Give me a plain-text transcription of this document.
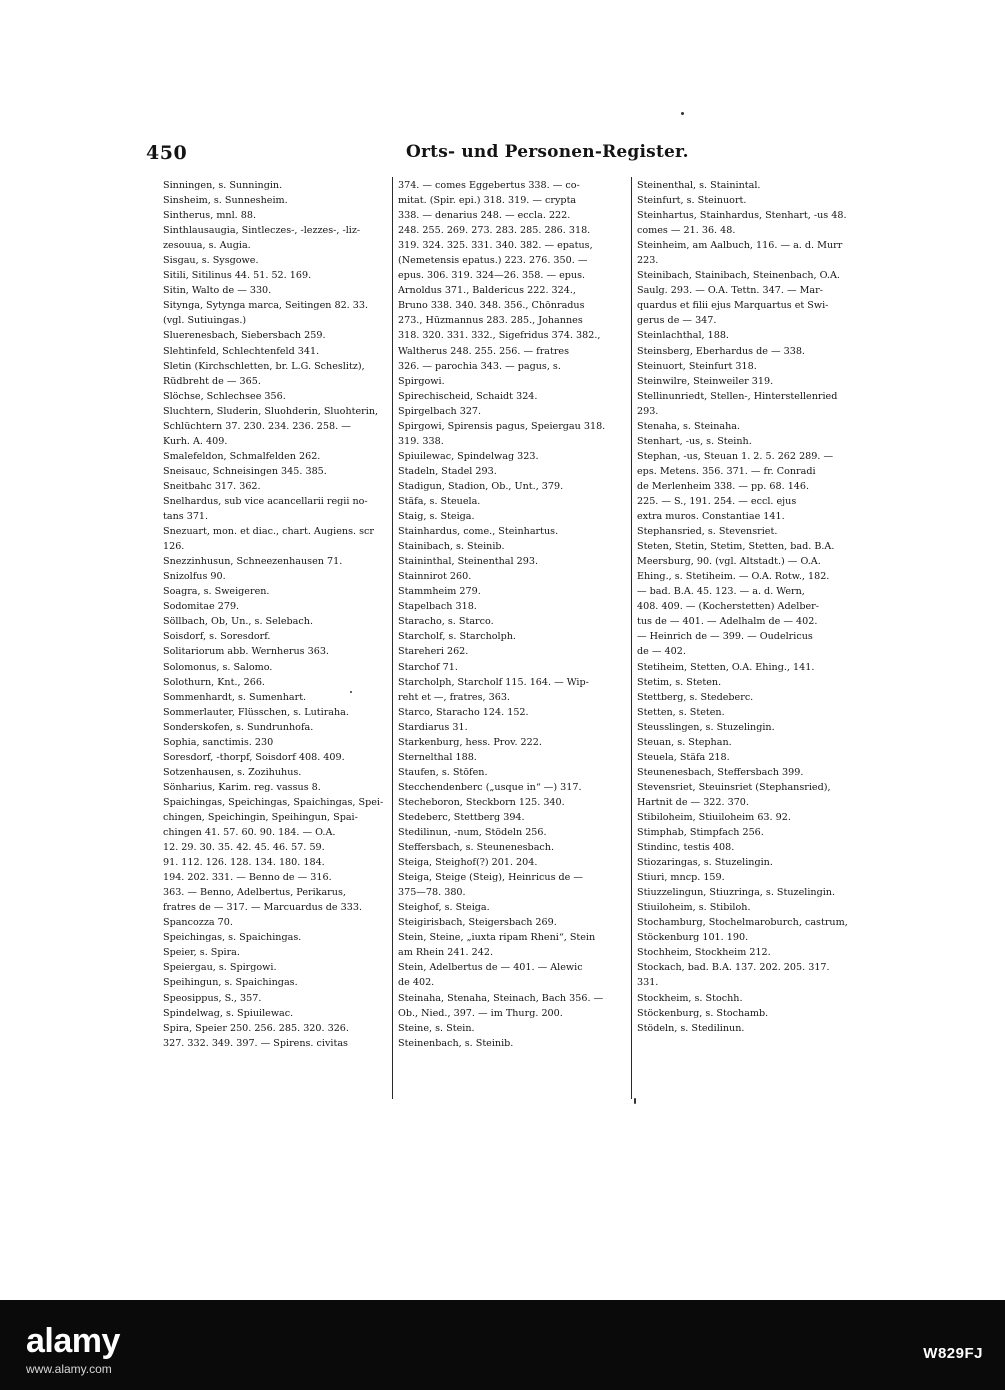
450	Orts- und Personen-Register.
Sinningen, s. Sunningin.
Sinsheim, s. Sunnesheim.
Sintherus, mnl. 88.
Sinthlausaugia, Sintleczes-, -lezzes-, -liz-
zesouua, s. Augia.
Sisgau, s. Sysgowe.
Sitili, Sitilinus 44. 51. 52. 169.
Sitin, Walto de — 330.
Sitynga, Sytynga marca, Seitingen 82. 33.
(vgl. Sutiuingas.)
Sluerenesbach, Siebersbach 259.
Slehtinfeld, Schlechtenfeld 341.
Sletin (Kirchschletten, br. L.G. Scheslitz),
Rüdbreht de — 365.
Slöchse, Schlechsee 356.
Sluchtern, Sluderin, Sluohderin, Sluohterin,
Schlüchtern 37. 230. 234. 236. 258. —
Kurh. A. 409.
Smalefeldon, Schmalfelden 262.
Sneisauc, Schneisingen 345. 385.
Sneitbahc 317. 362.
Snelhardus, sub vice acancellarii regii no-
tans 371.
Snezuart, mon. et diac., chart. Augiens. scr
126.
Snezzinhusun, Schneezenhausen 71.
Snizolfus 90.
Soagra, s. Sweigeren.
Sodomitae 279.
Söllbach, Ob, Un., s. Selebach.
Soisdorf, s. Soresdorf.
Solitariorum abb. Wernherus 363.
Solomonus, s. Salomo.
Solothurn, Knt., 266.
Sommenhardt, s. Sumenhart.
Sommerlauter, Flüsschen, s. Lutiraha.
Sonderskofen, s. Sundrunhofa.
Sophia, sanctimis. 230
Soresdorf, -thorpf, Soisdorf 408. 409.
Sotzenhausen, s. Zozihuhus.
Sönharius, Karim. reg. vassus 8.
Spaichingas, Speichingas, Spaichingas, Spei-
chingen, Speichingin, Speihingun, Spai-
chingen 41. 57. 60. 90. 184. — O.A.
12. 29. 30. 35. 42. 45. 46. 57. 59.
91. 112. 126. 128. 134. 180. 184.
194. 202. 331. — Benno de — 316.
363. — Benno, Adelbertus, Perikarus,
fratres de — 317. — Marcuardus de 333.
Spancozza 70.
Speichingas, s. Spaichingas.
Speier, s. Spira.
Speiergau, s. Spirgowi.
Speihingun, s. Spaichingas.
Speosippus, S., 357.
Spindelwag, s. Spiuilewac.
Spira, Speier 250. 256. 285. 320. 326.
327. 332. 349. 397. — Spirens. civitas
374. — comes Eggebertus 338. — co-
mitat. (Spir. epi.) 318. 319. — crypta
338. — denarius 248. — eccla. 222.
248. 255. 269. 273. 283. 285. 286. 318.
319. 324. 325. 331. 340. 382. — epatus,
(Nemetensis epatus.) 223. 276. 350. —
epus. 306. 319. 324—26. 358. — epus.
Arnoldus 371., Baldericus 222. 324.,
Bruno 338. 340. 348. 356., Chōnradus
273., Hūzmannus 283. 285., Johannes
318. 320. 331. 332., Sigefridus 374. 382.,
Waltherus 248. 255. 256. — fratres
326. — parochia 343. — pagus, s.
Spirgowi.
Spirechischeid, Schaidt 324.
Spirgelbach 327.
Spirgowi, Spirensis pagus, Speiergau 318.
319. 338.
Spiuilewac, Spindelwag 323.
Stadeln, Stadel 293.
Stadigun, Stadion, Ob., Unt., 379.
Stäfa, s. Steuela.
Staig, s. Steiga.
Stainhardus, come., Steinhartus.
Stainibach, s. Steinib.
Staininthal, Steinenthal 293.
Stainnirot 260.
Stammheim 279.
Stapelbach 318.
Staracho, s. Starco.
Starcholf, s. Starcholph.
Stareheri 262.
Starchof 71.
Starcholph, Starcholf 115. 164. — Wip-
reht et —, fratres, 363.
Starco, Staracho 124. 152.
Stardiarus 31.
Starkenburg, hess. Prov. 222.
Sternelthal 188.
Staufen, s. Stōfen.
Stecchendenberc („usque in“ —) 317.
Stecheboron, Steckborn 125. 340.
Stedeberc, Stettberg 394.
Stedilinun, -num, Stödeln 256.
Steffersbach, s. Steunenesbach.
Steiga, Steighof(?) 201. 204.
Steiga, Steige (Steig), Heinricus de —
375—78. 380.
Steighof, s. Steiga.
Steigirisbach, Steigersbach 269.
Stein, Steine, „iuxta ripam Rheni“, Stein
am Rhein 241. 242.
Stein, Adelbertus de — 401. — Alewic
de 402.
Steinaha, Stenaha, Steinach, Bach 356. —
Ob., Nied., 397. — im Thurg. 200.
Steine, s. Stein.
Steinenbach, s. Steinib.
Steinenthal, s. Stainintal.
Steinfurt, s. Steinuort.
Steinhartus, Stainhardus, Stenhart, -us 48.
comes — 21. 36. 48.
Steinheim, am Aalbuch, 116. — a. d. Murr
223.
Steinibach, Stainibach, Steinenbach, O.A.
Saulg. 293. — O.A. Tettn. 347. — Mar-
quardus et filii ejus Marquartus et Swi-
gerus de — 347.
Steinlachthal, 188.
Steinsberg, Eberhardus de — 338.
Steinuort, Steinfurt 318.
Steinwilre, Steinweiler 319.
Stellinunriedt, Stellen-, Hinterstellenried
293.
Stenaha, s. Steinaha.
Stenhart, -us, s. Steinh.
Stephan, -us, Steuan 1. 2. 5. 262 289. —
eps. Metens. 356. 371. — fr. Conradi
de Merlenheim 338. — pp. 68. 146.
225. — S., 191. 254. — eccl. ejus
extra muros. Constantiae 141.
Stephansried, s. Stevensriet.
Steten, Stetin, Stetim, Stetten, bad. B.A.
Meersburg, 90. (vgl. Altstadt.) — O.A.
Ehing., s. Stetiheim. — O.A. Rotw., 182.
— bad. B.A. 45. 123. — a. d. Wern,
408. 409. — (Kocherstetten) Adelber-
tus de — 401. — Adelhalm de — 402.
— Heinrich de — 399. — Oudelricus
de — 402.
Stetiheim, Stetten, O.A. Ehing., 141.
Stetim, s. Steten.
Stettberg, s. Stedeberc.
Stetten, s. Steten.
Steusslingen, s. Stuzelingin.
Steuan, s. Stephan.
Steuela, Stäfa 218.
Steunenesbach, Steffersbach 399.
Stevensriet, Steuinsriet (Stephansried),
Hartnit de — 322. 370.
Stibiloheim, Stiuiloheim 63. 92.
Stimphab, Stimpfach 256.
Stindinc, testis 408.
Stiozaringas, s. Stuzelingin.
Stiuri, mncp. 159.
Stiuzzelingun, Stiuzringa, s. Stuzelingin.
Stiuiloheim, s. Stibiloh.
Stochamburg, Stochelmaroburch, castrum,
Stöckenburg 101. 190.
Stochheim, Stockheim 212.
Stockach, bad. B.A. 137. 202. 205. 317.
331.
Stockheim, s. Stochh.
Stöckenburg, s. Stochamb.
Stödeln, s. Stedilinun.
alamy
www.alamy.com
W829FJ
